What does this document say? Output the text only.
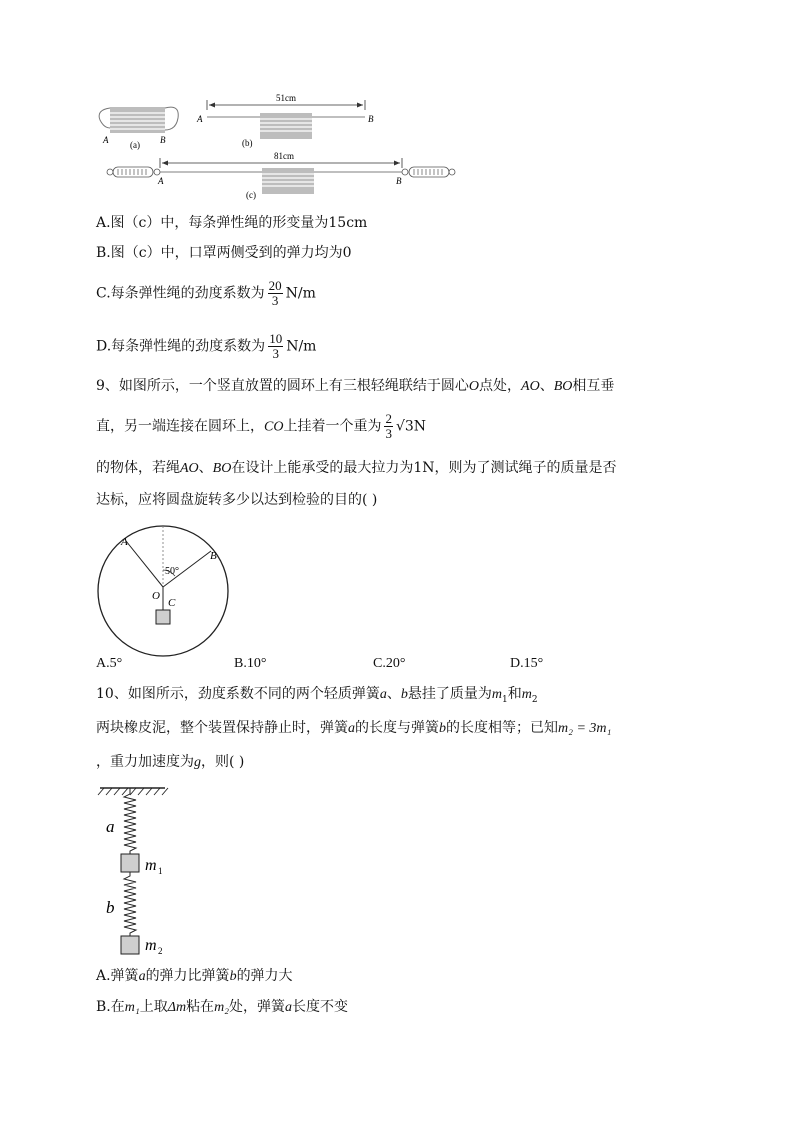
A	B
(a)
51cm
A	B
(b)
81cm
A	B
(c)
A.图（c）中，每条弹性绳的形变量为15cm
B.图（c）中，口罩两侧受到的弹力均为0
C.每条弹性绳的劲度系数为 $\frac{20}{3} N/m$
D.每条弹性绳的劲度系数为 $\frac{10}{3} N/m$
9、如图所示，一个竖直放置的圆环上有三根轻绳联结于圆心O点处，AO、BO相互垂
直，另一端连接在圆环上，CO上挂着一个重为 $\frac{2}{3} √3N$
的物体，若绳AO、BO在设计上能承受的最大拉力为1N，则为了测试绳子的质量是否
达标，应将圆盘旋转多少以达到检验的目的( )
A
B
50°
O
C
A.5°	B.10°	C.20°	D.15°
10、如图所示，劲度系数不同的两个轻质弹簧a、b悬挂了质量为$m_1$和$m_2$
两块橡皮泥，整个装置保持静止时，弹簧a的长度与弹簧b的长度相等；已知m₂ = 3m₁
，重力加速度为g，则( )
a
b
m 1
m 2
A.弹簧a的弹力比弹簧b的弹力大
B.在m₁上取Δm粘在m₂处，弹簧a长度不变
